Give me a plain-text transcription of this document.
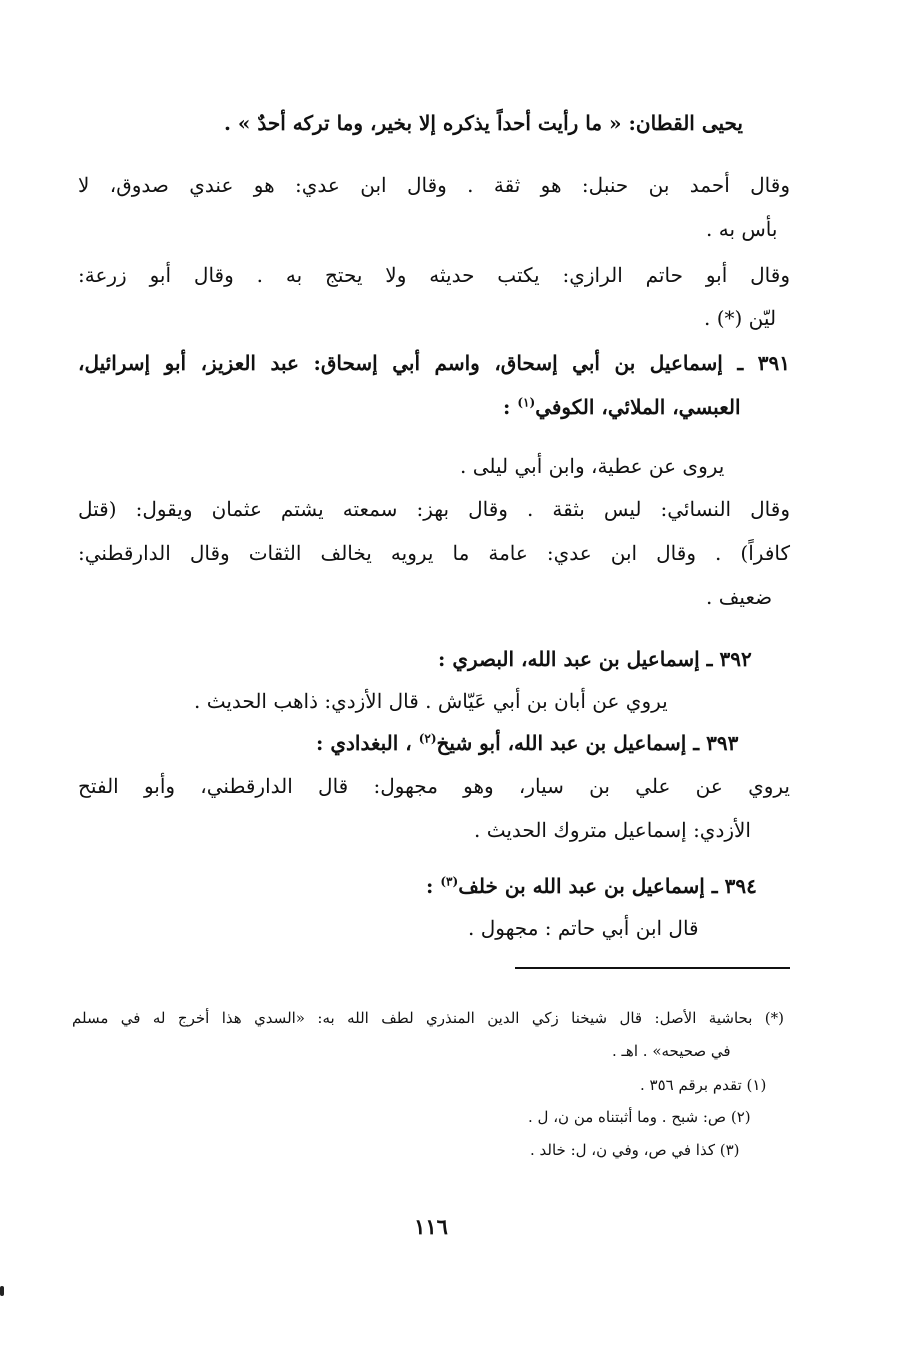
يحيى القطان: « ما رأيت أحداً يذكره إلا بخير، وما تركه أحدٌ » .
وقال أحمد بن حنبل: هو ثقة . وقال ابن عدي: هو عندي صدوق، لا
بأس به .
وقال أبو حاتم الرازي: يكتب حديثه ولا يحتج به . وقال أبو زرعة:
ليّن (*) .
٣٩١ ـ إسماعيل بن أبي إسحاق، واسم أبي إسحاق: عبد العزيز، أبو إسرائيل،
العبسي، الملائي، الكوفي$^{(١)}$ :
يروى عن عطية، وابن أبي ليلى .
وقال النسائي: ليس بثقة . وقال بهز: سمعته يشتم عثمان ويقول: (قتل
كافراً) . وقال ابن عدي: عامة ما يرويه يخالف الثقات وقال الدارقطني:
ضعيف .
٣٩٢ ـ إسماعيل بن عبد الله، البصري :
يروي عن أبان بن أبي عَيّاش . قال الأزدي: ذاهب الحديث .
٣٩٣ ـ إسماعيل بن عبد الله، أبو شيخ$^{(٢)}$ ، البغدادي :
يروي عن علي بن سيار، وهو مجهول: قال الدارقطني، وأبو الفتح
الأزدي: إسماعيل متروك الحديث .
٣٩٤ ـ إسماعيل بن عبد الله بن خلف$^{(٣)}$ :
قال ابن أبي حاتم : مجهول .
(*) بحاشية الأصل: قال شيخنا زكي الدين المنذري لطف الله به: «السدي هذا أخرج له في مسلم
في صحيحه» . اهـ .
(١) تقدم برقم ٣٥٦ .
(٢) ص: شبح . وما أثبتناه من ن، ل .
(٣) كذا في ص، وفي ن، ل: خالد .
١١٦
